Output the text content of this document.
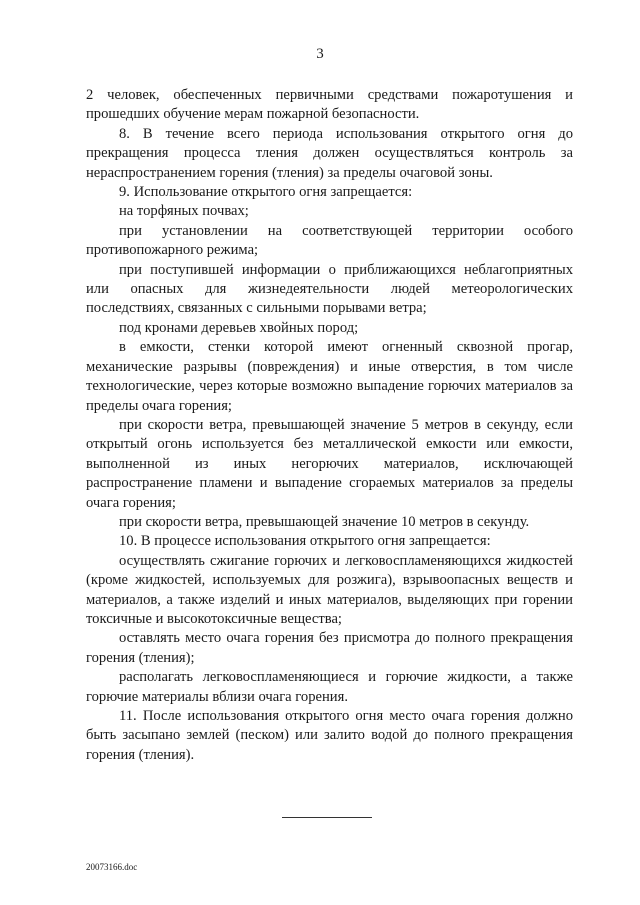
3

2 человек, обеспеченных первичными средствами пожаротушения и прошедших обучение мерам пожарной безопасности.

8. В течение всего периода использования открытого огня до прекращения процесса тления должен осуществляться контроль за нераспространением горения (тления) за пределы очаговой зоны.

9. Использование открытого огня запрещается:

на торфяных почвах;

при установлении на соответствующей территории особого противопожарного режима;

при поступившей информации о приближающихся неблагоприятных или опасных для жизнедеятельности людей метеорологических последствиях, связанных с сильными порывами ветра;

под кронами деревьев хвойных пород;

в емкости, стенки которой имеют огненный сквозной прогар, механические разрывы (повреждения) и иные отверстия, в том числе технологические, через которые возможно выпадение горючих материалов за пределы очага горения;

при скорости ветра, превышающей значение 5 метров в секунду, если открытый огонь используется без металлической емкости или емкости, выполненной из иных негорючих материалов, исключающей распространение пламени и выпадение сгораемых материалов за пределы очага горения;

при скорости ветра, превышающей значение 10 метров в секунду.

10. В процессе использования открытого огня запрещается:

осуществлять сжигание горючих и легковоспламеняющихся жидкостей (кроме жидкостей, используемых для розжига), взрывоопасных веществ и материалов, а также изделий и иных материалов, выделяющих при горении токсичные и высокотоксичные вещества;

оставлять место очага горения без присмотра до полного прекращения горения (тления);

располагать легковоспламеняющиеся и горючие жидкости, а также горючие материалы вблизи очага горения.

11. После использования открытого огня место очага горения должно быть засыпано землей (песком) или залито водой до полного прекращения горения (тления).

20073166.doc
